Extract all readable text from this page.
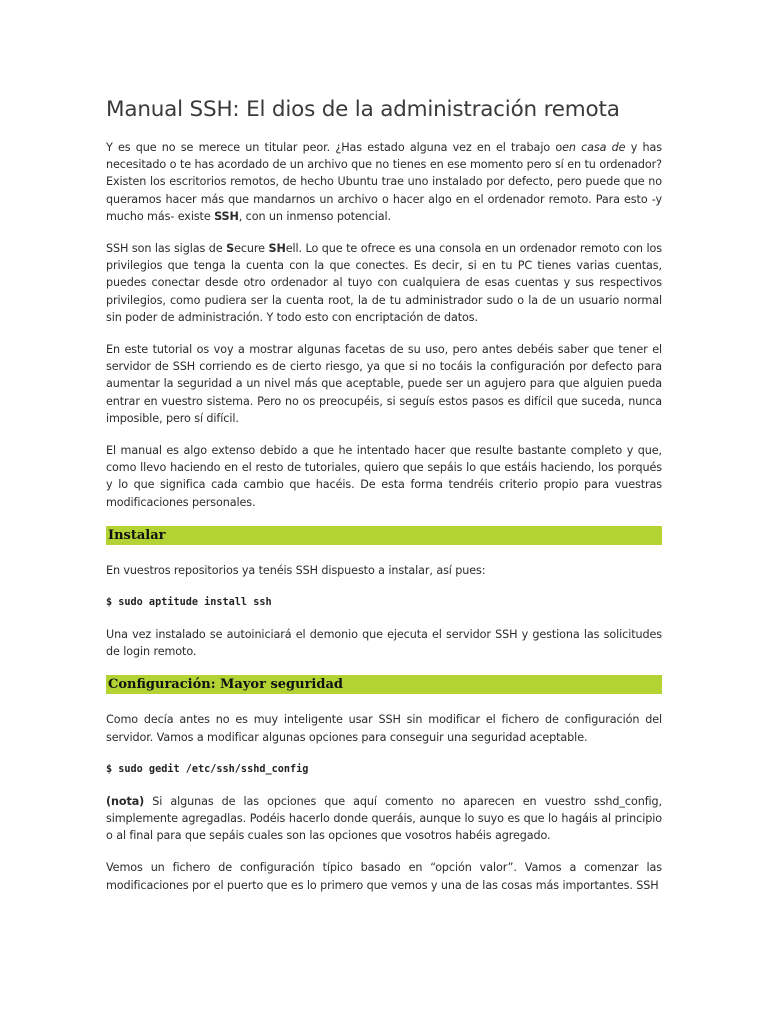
Manual SSH: El dios de la administración remota

Y es que no se merece un titular peor. ¿Has estado alguna vez en el trabajo oen casa de y has necesitado o te has acordado de un archivo que no tienes en ese momento pero sí en tu ordenador? Existen los escritorios remotos, de hecho Ubuntu trae uno instalado por defecto, pero puede que no queramos hacer más que mandarnos un archivo o hacer algo en el ordenador remoto. Para esto -y mucho más- existe SSH, con un inmenso potencial.

SSH son las siglas de Secure SHell. Lo que te ofrece es una consola en un ordenador remoto con los privilegios que tenga la cuenta con la que conectes. Es decir, si en tu PC tienes varias cuentas, puedes conectar desde otro ordenador al tuyo con cualquiera de esas cuentas y sus respectivos privilegios, como pudiera ser la cuenta root, la de tu administrador sudo o la de un usuario normal sin poder de administración. Y todo esto con encriptación de datos.

En este tutorial os voy a mostrar algunas facetas de su uso, pero antes debéis saber que tener el servidor de SSH corriendo es de cierto riesgo, ya que si no tocáis la configuración por defecto para aumentar la seguridad a un nivel más que aceptable, puede ser un agujero para que alguien pueda entrar en vuestro sistema. Pero no os preocupéis, si seguís estos pasos es difícil que suceda, nunca imposible, pero sí difícil.

El manual es algo extenso debido a que he intentado hacer que resulte bastante completo y que, como llevo haciendo en el resto de tutoriales, quiero que sepáis lo que estáis haciendo, los porqués y lo que significa cada cambio que hacéis. De esta forma tendréis criterio propio para vuestras modificaciones personales.

Instalar

En vuestros repositorios ya tenéis SSH dispuesto a instalar, así pues:

$ sudo aptitude install ssh

Una vez instalado se autoiniciará el demonio que ejecuta el servidor SSH y gestiona las solicitudes de login remoto.

Configuración: Mayor seguridad

Como decía antes no es muy inteligente usar SSH sin modificar el fichero de configuración del servidor. Vamos a modificar algunas opciones para conseguir una seguridad aceptable.

$ sudo gedit /etc/ssh/sshd_config

(nota) Si algunas de las opciones que aquí comento no aparecen en vuestro sshd_config, simplemente agregadlas. Podéis hacerlo donde queráis, aunque lo suyo es que lo hagáis al principio o al final para que sepáis cuales son las opciones que vosotros habéis agregado.

Vemos un fichero de configuración típico basado en “opción valor”. Vamos a comenzar las modificaciones por el puerto que es lo primero que vemos y una de las cosas más importantes. SSH
